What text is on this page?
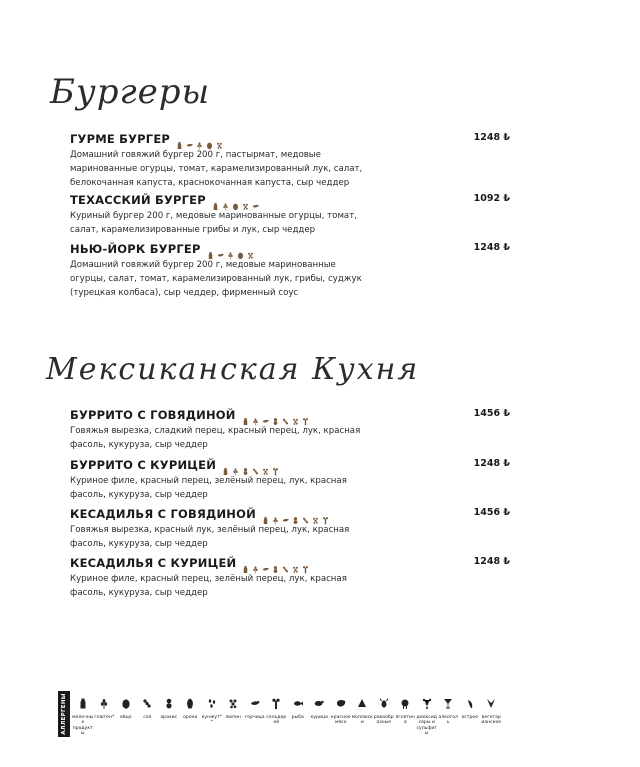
Бургеры
Мексиканская Кухня
ГУРМЕ БУРГЕР	1248 ₺
Домашний говяжий бургер 200 г, пастырмат, медовые маринованные огурцы, томат, карамелизированный лук, салат, белокочанная капуста, краснокочанная капуста, сыр чеддер
ТЕХАССКИЙ БУРГЕР	1092 ₺
Куриный бургер 200 г, медовые маринованные огурцы, томат, салат, карамелизированные грибы и лук, сыр чеддер
НЬЮ-ЙОРК БУРГЕР	1248 ₺
Домашний говяжий бургер 200 г, медовые маринованные огурцы, салат, томат, карамелизированный лук, грибы, суджук (турецкая колбаса), сыр чеддер, фирменный соус
БУРРИТО С ГОВЯДИНОЙ	1456 ₺
Говяжья вырезка, сладкий перец, красный перец, лук, красная фасоль, кукуруза, сыр чеддер
БУРРИТО С КУРИЦЕЙ	1248 ₺
Куриное филе, красный перец, зелёный перец, лук, красная фасоль, кукуруза, сыр чеддер
КЕСАДИЛЬЯ С ГОВЯДИНОЙ	1456 ₺
Говяжья вырезка, красный лук, зелёный перец, лук, красная фасоль, кукуруза, сыр чеддер
КЕСАДИЛЬЯ С КУРИЦЕЙ	1248 ₺
Куриное филе, красный перец, зелёный перец, лук, красная фасоль, кукуруза, сыр чеддер
АЛЛЕРГЕНЫ молочные продукты
глютен*	яйцо	соя	арахис	орехи кунжут**
люпин горчица сельдерей
рыба	курица красное мясо
моллюски
ракообразные
ягнятина
диоксид серы и сульфиты
алкоголь
острое вегетарианское
